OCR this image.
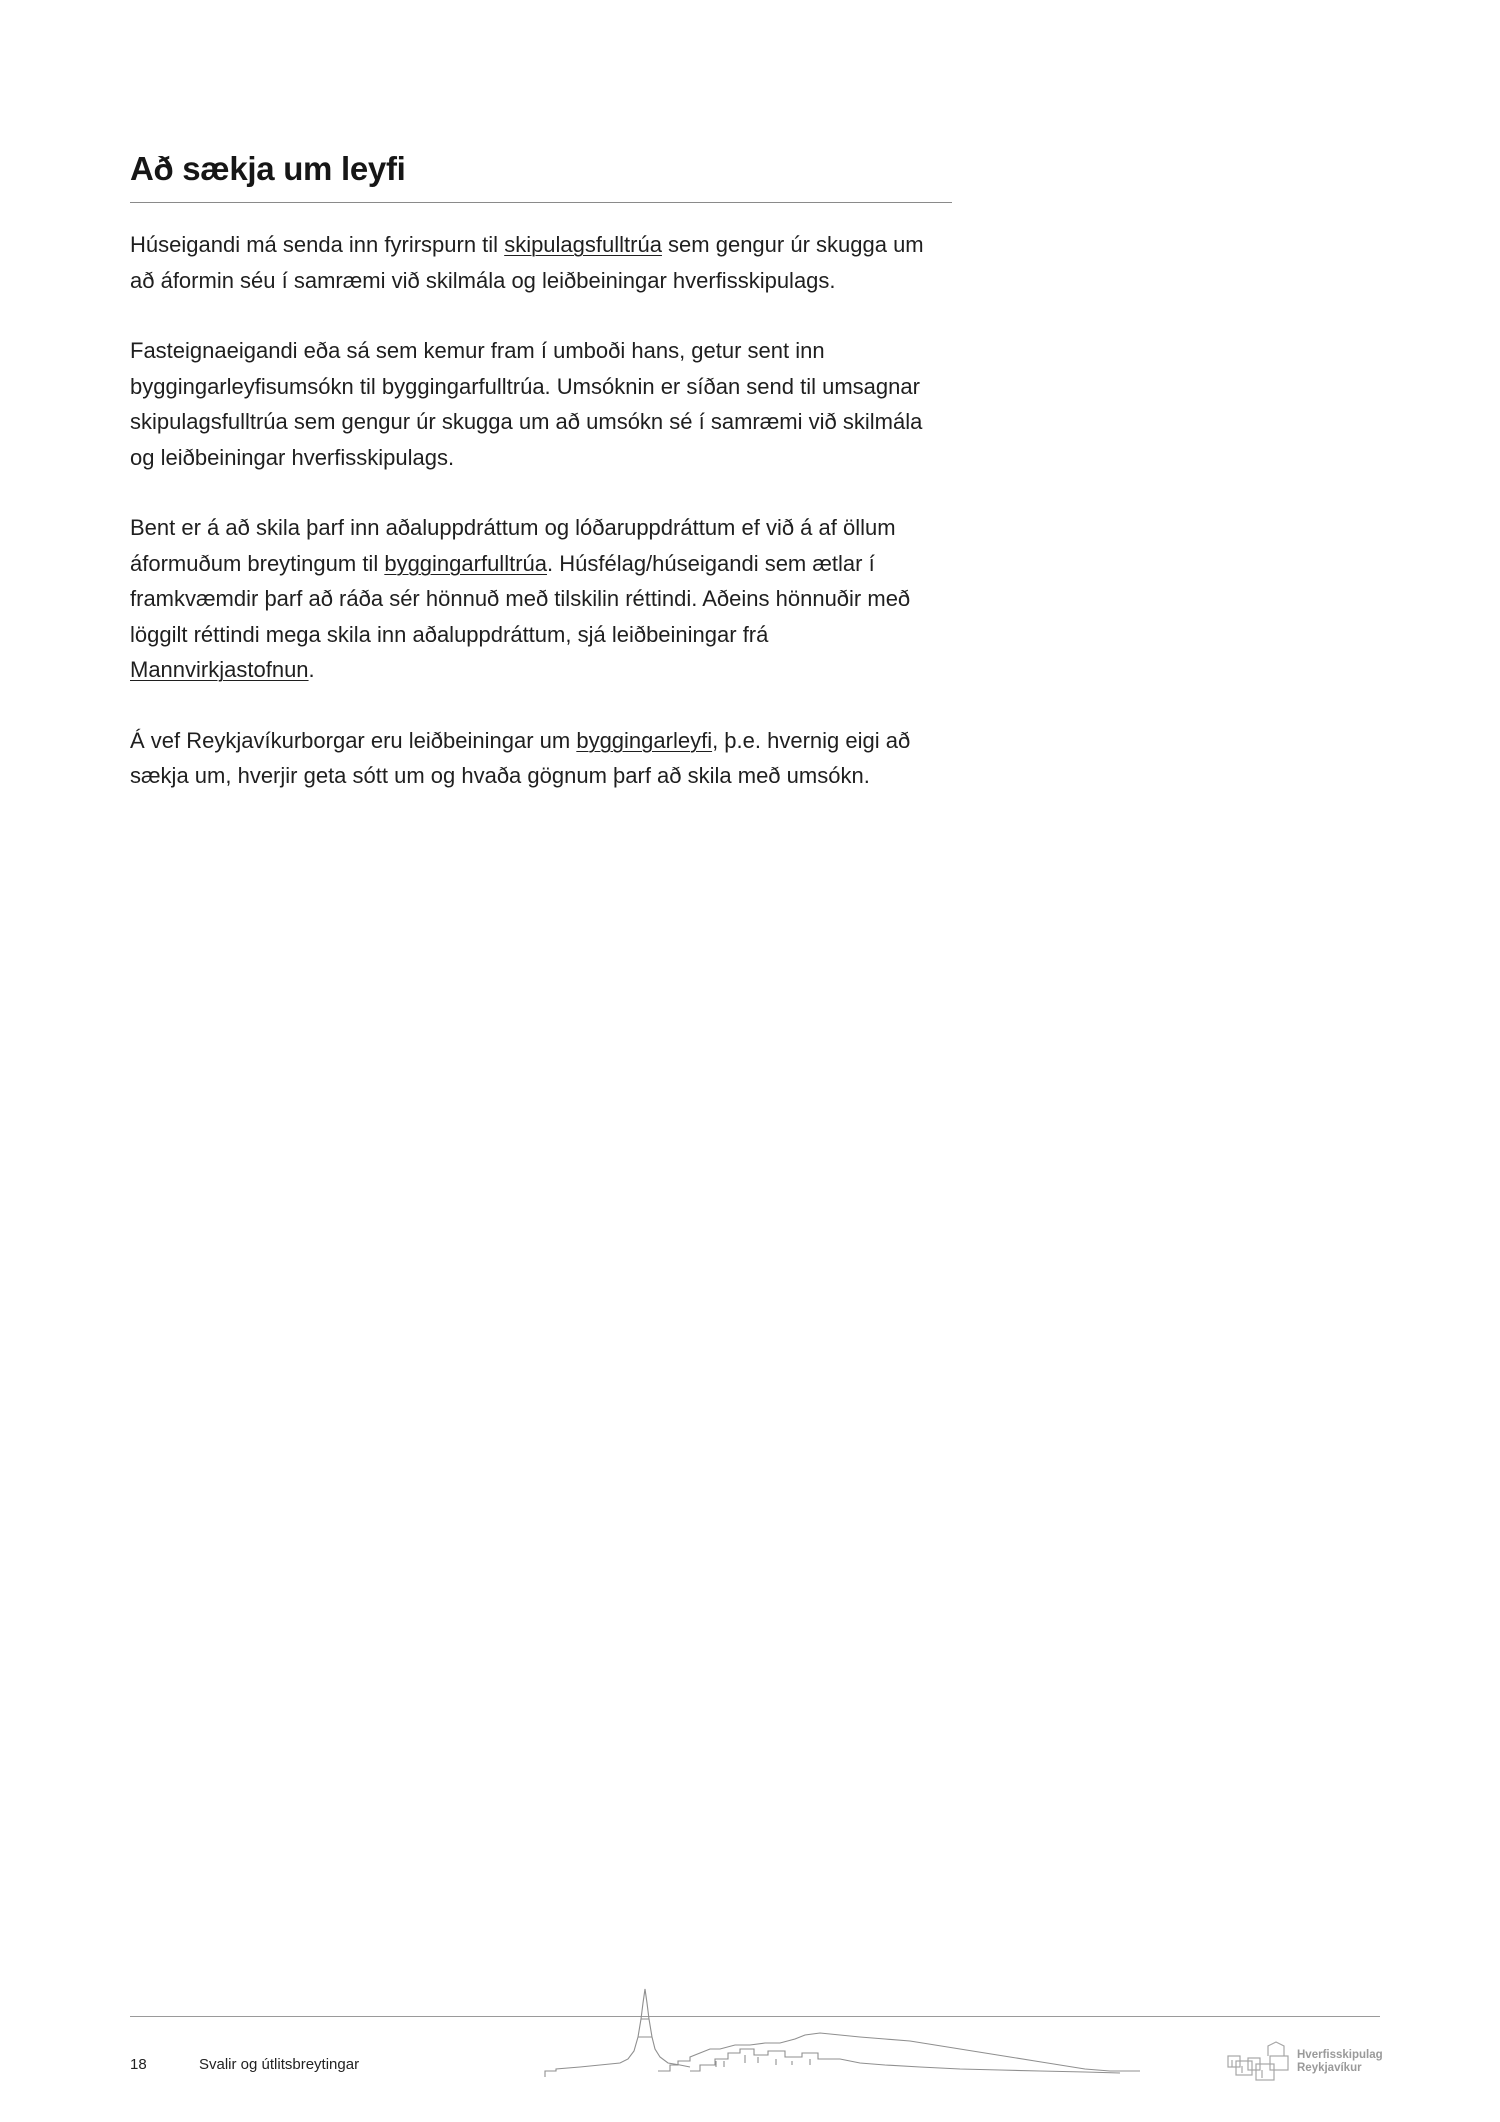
Að sækja um leyfi

Húseigandi má senda inn fyrirspurn til skipulagsfulltrúa sem gengur úr skugga um að áformin séu í samræmi við skilmála og leiðbeiningar hverfisskipulags.

Fasteignaeigandi eða sá sem kemur fram í umboði hans, getur sent inn byggingarleyfisumsókn til byggingarfulltrúa. Umsóknin er síðan send til umsagnar skipulagsfulltrúa sem gengur úr skugga um að umsókn sé í samræmi við skilmála og leiðbeiningar hverfisskipulags.

Bent er á að skila þarf inn aðaluppdráttum og lóðaruppdráttum ef við á af öllum áformuðum breytingum til byggingarfulltrúa. Húsfélag/húseigandi sem ætlar í framkvæmdir þarf að ráða sér hönnuð með tilskilin réttindi. Aðeins hönnuðir með löggilt réttindi mega skila inn aðaluppdráttum, sjá leiðbeiningar frá Mannvirkjastofnun.

Á vef Reykjavíkurborgar eru leiðbeiningar um byggingarleyfi, þ.e. hvernig eigi að sækja um, hverjir geta sótt um og hvaða gögnum þarf að skila með umsókn.

18	Svalir og útlitsbreytingar
Hverfisskipulag
Reykjavíkur
